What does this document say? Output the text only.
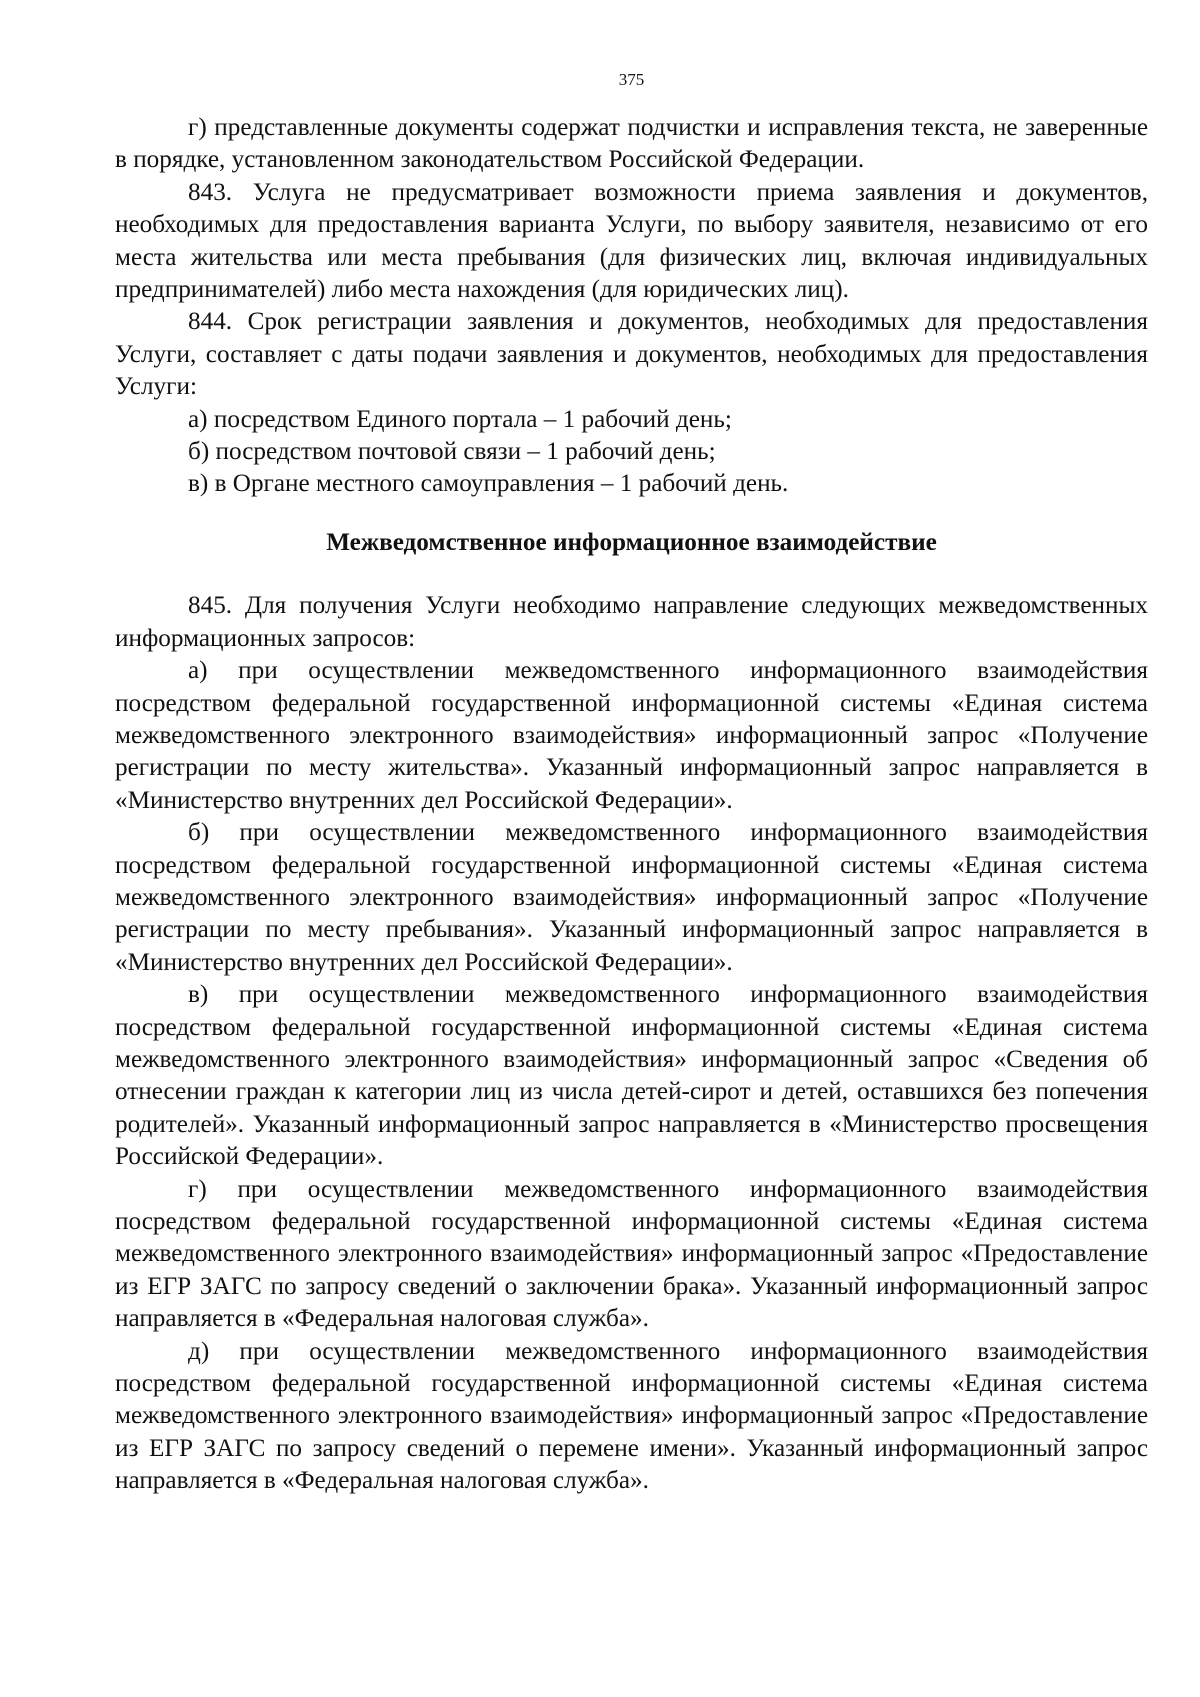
375

г) представленные документы содержат подчистки и исправления текста, не заверенные в порядке, установленном законодательством Российской Федерации.

843. Услуга не предусматривает возможности приема заявления и документов, необходимых для предоставления варианта Услуги, по выбору заявителя, независимо от его места жительства или места пребывания (для физических лиц, включая индивидуальных предпринимателей) либо места нахождения (для юридических лиц).

844. Срок регистрации заявления и документов, необходимых для предоставления Услуги, составляет с даты подачи заявления и документов, необходимых для предоставления Услуги:

а) посредством Единого портала – 1 рабочий день;

б) посредством почтовой связи – 1 рабочий день;

в) в Органе местного самоуправления – 1 рабочий день.

Межведомственное информационное взаимодействие

845. Для получения Услуги необходимо направление следующих межведомственных информационных запросов:

а) при осуществлении межведомственного информационного взаимодействия посредством федеральной государственной информационной системы «Единая система межведомственного электронного взаимодействия» информационный запрос «Получение регистрации по месту жительства». Указанный информационный запрос направляется в «Министерство внутренних дел Российской Федерации».

б) при осуществлении межведомственного информационного взаимодействия посредством федеральной государственной информационной системы «Единая система межведомственного электронного взаимодействия» информационный запрос «Получение регистрации по месту пребывания». Указанный информационный запрос направляется в «Министерство внутренних дел Российской Федерации».

в) при осуществлении межведомственного информационного взаимодействия посредством федеральной государственной информационной системы «Единая система межведомственного электронного взаимодействия» информационный запрос «Сведения об отнесении граждан к категории лиц из числа детей-сирот и детей, оставшихся без попечения родителей». Указанный информационный запрос направляется в «Министерство просвещения Российской Федерации».

г) при осуществлении межведомственного информационного взаимодействия посредством федеральной государственной информационной системы «Единая система межведомственного электронного взаимодействия» информационный запрос «Предоставление из ЕГР ЗАГС по запросу сведений о заключении брака». Указанный информационный запрос направляется в «Федеральная налоговая служба».

д) при осуществлении межведомственного информационного взаимодействия посредством федеральной государственной информационной системы «Единая система межведомственного электронного взаимодействия» информационный запрос «Предоставление из ЕГР ЗАГС по запросу сведений о перемене имени». Указанный информационный запрос направляется в «Федеральная налоговая служба».
